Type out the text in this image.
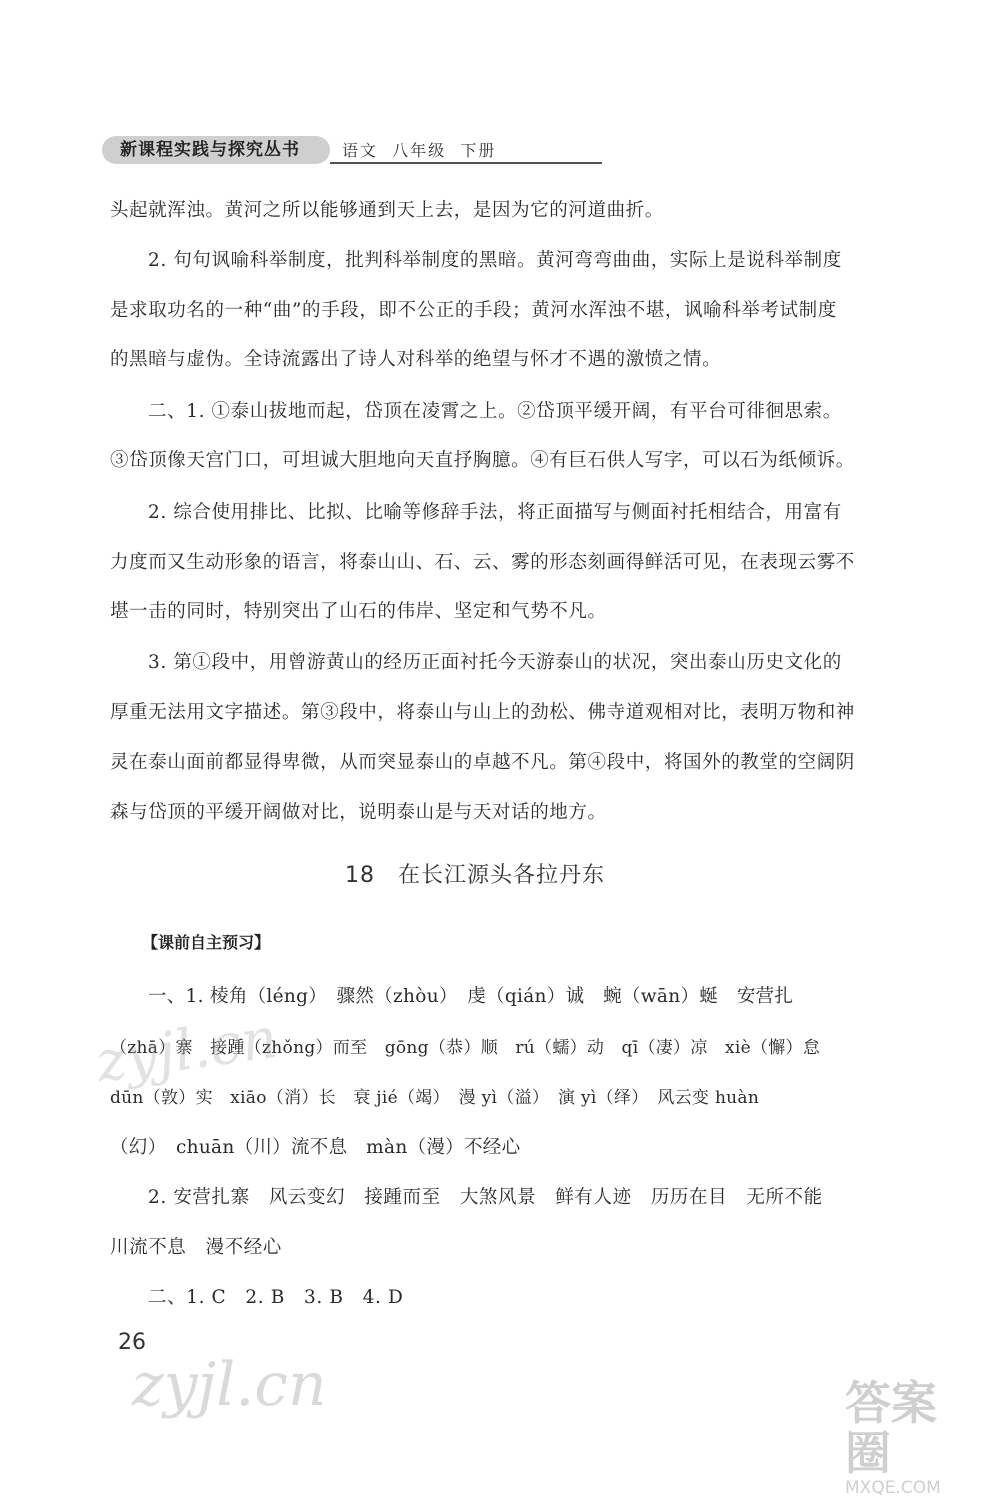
新课程实践与探究丛书	语文  八年级  下册
头起就浑浊。黄河之所以能够通到天上去，是因为它的河道曲折。
2. 句句讽喻科举制度，批判科举制度的黑暗。黄河弯弯曲曲，实际上是说科举制度
是求取功名的一种“曲”的手段，即不公正的手段；黄河水浑浊不堪，讽喻科举考试制度
的黑暗与虚伪。全诗流露出了诗人对科举的绝望与怀才不遇的激愤之情。
二、1. ①泰山拔地而起，岱顶在凌霄之上。②岱顶平缓开阔，有平台可徘徊思索。
③岱顶像天宫门口，可坦诚大胆地向天直抒胸臆。④有巨石供人写字，可以石为纸倾诉。
2. 综合使用排比、比拟、比喻等修辞手法，将正面描写与侧面衬托相结合，用富有
力度而又生动形象的语言，将泰山山、石、云、雾的形态刻画得鲜活可见，在表现云雾不
堪一击的同时，特别突出了山石的伟岸、坚定和气势不凡。
3. 第①段中，用曾游黄山的经历正面衬托今天游泰山的状况，突出泰山历史文化的
厚重无法用文字描述。第③段中，将泰山与山上的劲松、佛寺道观相对比，表明万物和神
灵在泰山面前都显得卑微，从而突显泰山的卓越不凡。第④段中，将国外的教堂的空阔阴
森与岱顶的平缓开阔做对比，说明泰山是与天对话的地方。
18　在长江源头各拉丹东
【课前自主预习】
一、1. 棱角（léng）　骤然（zhòu）　虔（qián）诚　蜿（wān）蜒　安营扎
（zhā）寨　接踵（zhǒng）而至　gōng（恭）顺　rú（蠕）动　qī（凄）凉　xiè（懈）怠
dūn（敦）实　xiāo（消）长　衰 jié（竭）　漫 yì（溢）　演 yì（绎）　风云变 huàn
（幻）　chuān（川）流不息　màn（漫）不经心
2. 安营扎寨　风云变幻　接踵而至　大煞风景　鲜有人迹　历历在目　无所不能
川流不息　漫不经心
二、1. C　2. B　3. B　4. D
26
zyjl.cn
zyjl.cn	答案圈
MXQE.COM
